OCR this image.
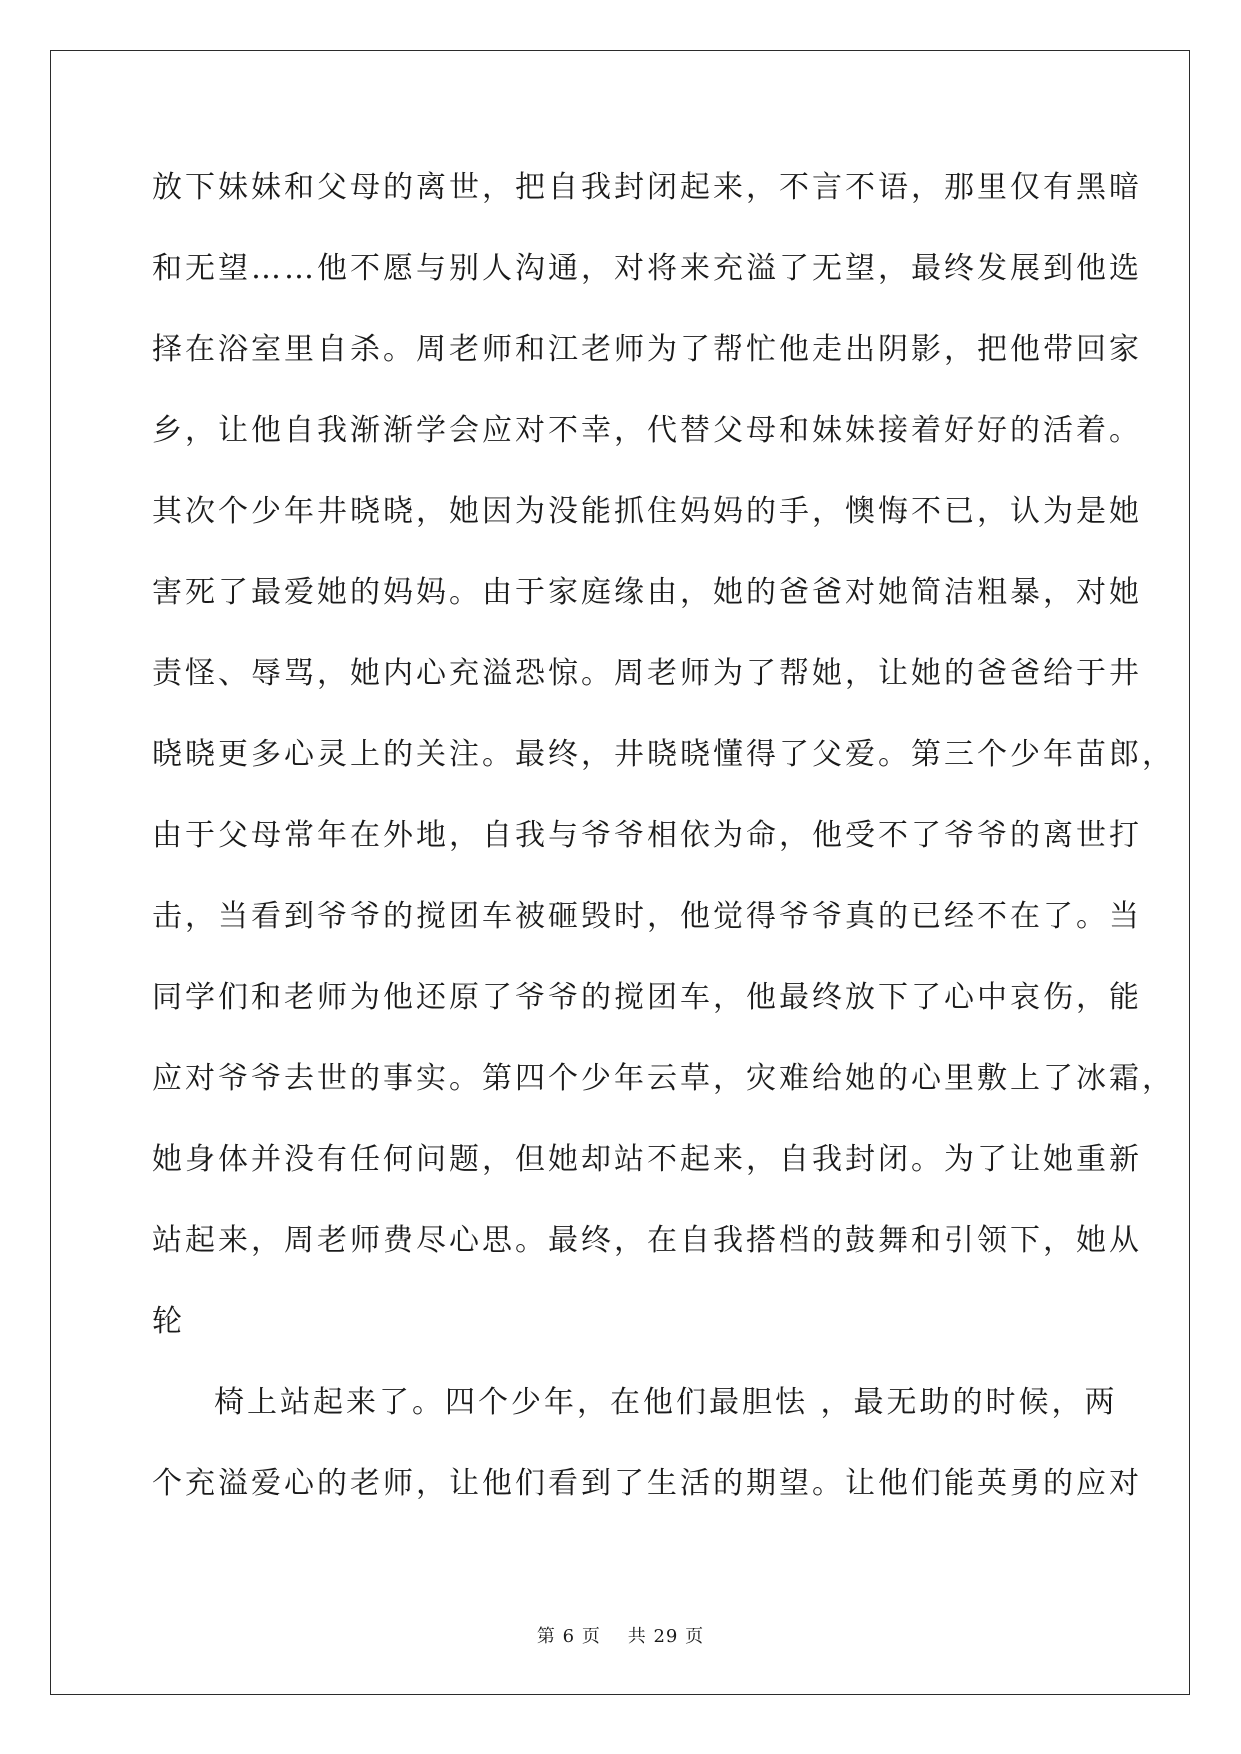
放下妹妹和父母的离世，把自我封闭起来，不言不语，那里仅有黑暗
和无望……他不愿与别人沟通，对将来充溢了无望，最终发展到他选
择在浴室里自杀。周老师和江老师为了帮忙他走出阴影，把他带回家
乡，让他自我渐渐学会应对不幸，代替父母和妹妹接着好好的活着。
其次个少年井晓晓，她因为没能抓住妈妈的手，懊悔不已，认为是她
害死了最爱她的妈妈。由于家庭缘由，她的爸爸对她简洁粗暴，对她
责怪、辱骂，她内心充溢恐惊。周老师为了帮她，让她的爸爸给于井
晓晓更多心灵上的关注。最终，井晓晓懂得了父爱。第三个少年苗郎，
由于父母常年在外地，自我与爷爷相依为命，他受不了爷爷的离世打
击，当看到爷爷的搅团车被砸毁时，他觉得爷爷真的已经不在了。当
同学们和老师为他还原了爷爷的搅团车，他最终放下了心中哀伤，能
应对爷爷去世的事实。第四个少年云草，灾难给她的心里敷上了冰霜，
她身体并没有任何问题，但她却站不起来，自我封闭。为了让她重新
站起来，周老师费尽心思。最终，在自我搭档的鼓舞和引领下，她从
轮
椅上站起来了。四个少年，在他们最胆怯 ，最无助的时候，两
个充溢爱心的老师，让他们看到了生活的期望。让他们能英勇的应对
第 6 页 共 29 页
